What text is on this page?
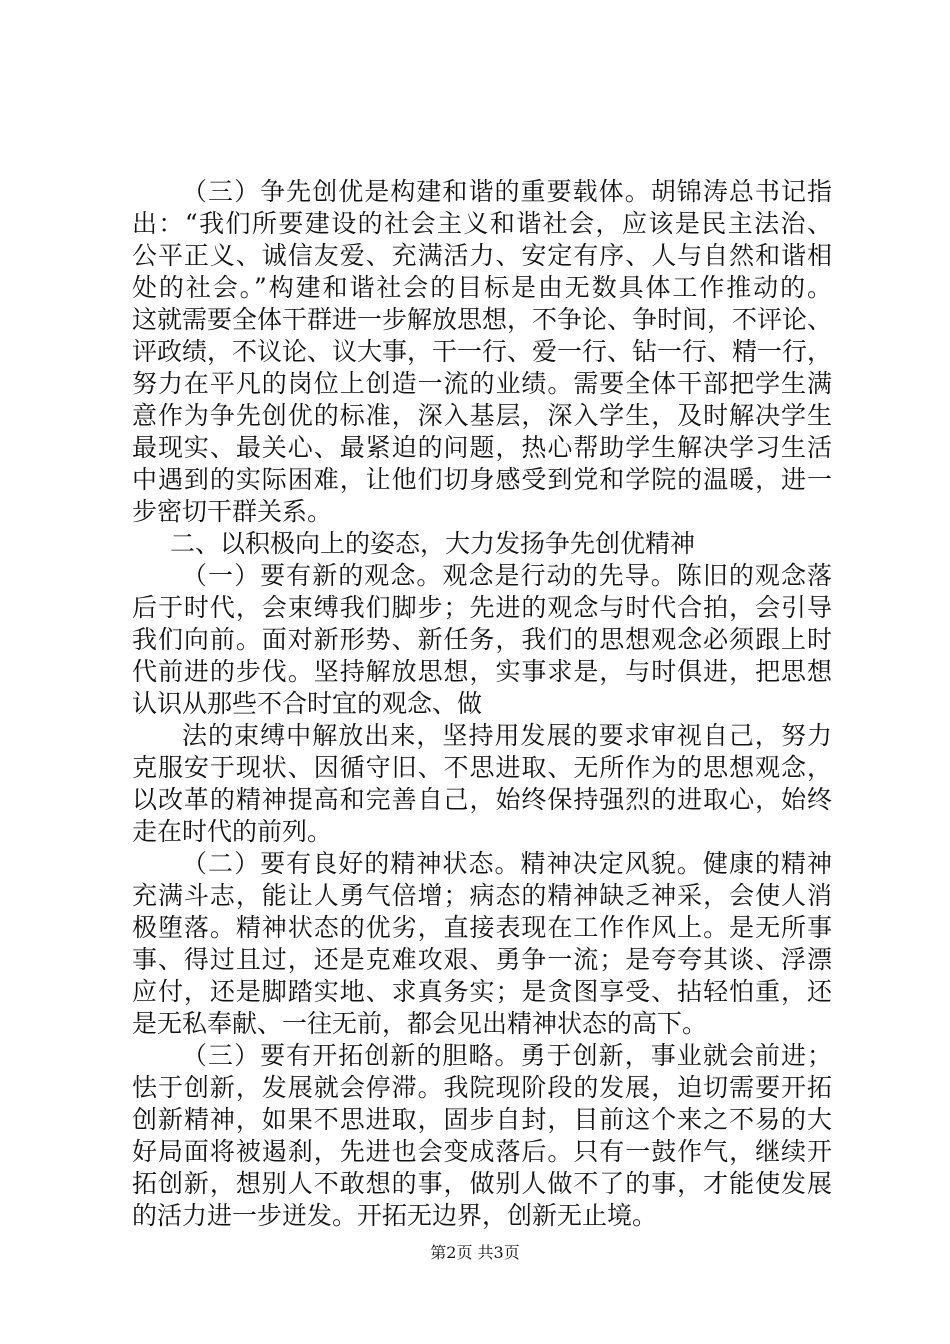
（三）争先创优是构建和谐的重要载体。胡锦涛总书记指
出：“我们所要建设的社会主义和谐社会，应该是民主法治、
公平正义、诚信友爱、充满活力、安定有序、人与自然和谐相
处的社会。”构建和谐社会的目标是由无数具体工作推动的。
这就需要全体干群进一步解放思想，不争论、争时间，不评论、
评政绩，不议论、议大事，干一行、爱一行、钻一行、精一行，
努力在平凡的岗位上创造一流的业绩。需要全体干部把学生满
意作为争先创优的标准，深入基层，深入学生，及时解决学生
最现实、最关心、最紧迫的问题，热心帮助学生解决学习生活
中遇到的实际困难，让他们切身感受到党和学院的温暖，进一
步密切干群关系。
二、以积极向上的姿态，大力发扬争先创优精神
（一）要有新的观念。观念是行动的先导。陈旧的观念落
后于时代，会束缚我们脚步；先进的观念与时代合拍，会引导
我们向前。面对新形势、新任务，我们的思想观念必须跟上时
代前进的步伐。坚持解放思想，实事求是，与时俱进，把思想
认识从那些不合时宜的观念、做
法的束缚中解放出来，坚持用发展的要求审视自己，努力
克服安于现状、因循守旧、不思进取、无所作为的思想观念，
以改革的精神提高和完善自己，始终保持强烈的进取心，始终
走在时代的前列。
（二）要有良好的精神状态。精神决定风貌。健康的精神
充满斗志，能让人勇气倍增；病态的精神缺乏神采，会使人消
极堕落。精神状态的优劣，直接表现在工作作风上。是无所事
事、得过且过，还是克难攻艰、勇争一流；是夸夸其谈、浮漂
应付，还是脚踏实地、求真务实；是贪图享受、拈轻怕重，还
是无私奉献、一往无前，都会见出精神状态的高下。
（三）要有开拓创新的胆略。勇于创新，事业就会前进；
怯于创新，发展就会停滞。我院现阶段的发展，迫切需要开拓
创新精神，如果不思进取，固步自封，目前这个来之不易的大
好局面将被遏刹，先进也会变成落后。只有一鼓作气，继续开
拓创新，想别人不敢想的事，做别人做不了的事，才能使发展
的活力进一步迸发。开拓无边界，创新无止境。
第2页 共3页
